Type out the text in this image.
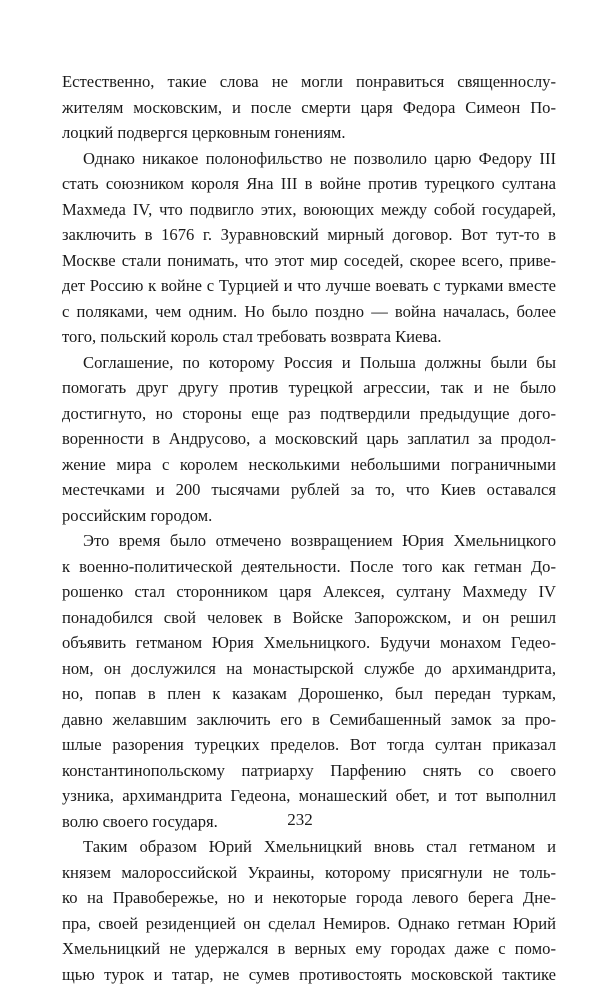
Естественно, такие слова не могли понравиться священнослу-
жителям московским, и после смерти царя Федора Симеон По-
лоцкий подвергся церковным гонениям.
Однако никакое полонофильство не позволило царю Федору III
стать союзником короля Яна III в войне против турецкого султана
Махмеда IV, что подвигло этих, воюющих между собой государей,
заключить в 1676 г. Зуравновский мирный договор. Вот тут-то в
Москве стали понимать, что этот мир соседей, скорее всего, приве-
дет Россию к войне с Турцией и что лучше воевать с турками вместе
с поляками, чем одним. Но было поздно — война началась, более
того, польский король стал требовать возврата Киева.
Соглашение, по которому Россия и Польша должны были бы
помогать друг другу против турецкой агрессии, так и не было
достигнуто, но стороны еще раз подтвердили предыдущие дого-
воренности в Андрусово, а московский царь заплатил за продол-
жение мира с королем несколькими небольшими пограничными
местечками и 200 тысячами рублей за то, что Киев оставался
российским городом.
Это время было отмечено возвращением Юрия Хмельницкого
к военно-политической деятельности. После того как гетман До-
рошенко стал сторонником царя Алексея, султану Махмеду IV
понадобился свой человек в Войске Запорожском, и он решил
объявить гетманом Юрия Хмельницкого. Будучи монахом Гедео-
ном, он дослужился на монастырской службе до архимандрита,
но, попав в плен к казакам Дорошенко, был передан туркам,
давно желавшим заключить его в Семибашенный замок за про-
шлые разорения турецких пределов. Вот тогда султан приказал
константинопольскому патриарху Парфению снять со своего
узника, архимандрита Гедеона, монашеский обет, и тот выполнил
волю своего государя.
Таким образом Юрий Хмельницкий вновь стал гетманом и
князем малороссийской Украины, которому присягнули не толь-
ко на Правобережье, но и некоторые города левого берега Дне-
пра, своей резиденцией он сделал Немиров. Однако гетман Юрий
Хмельницкий не удержался в верных ему городах даже с помо-
щью турок и татар, не сумев противостоять московской тактике
232
